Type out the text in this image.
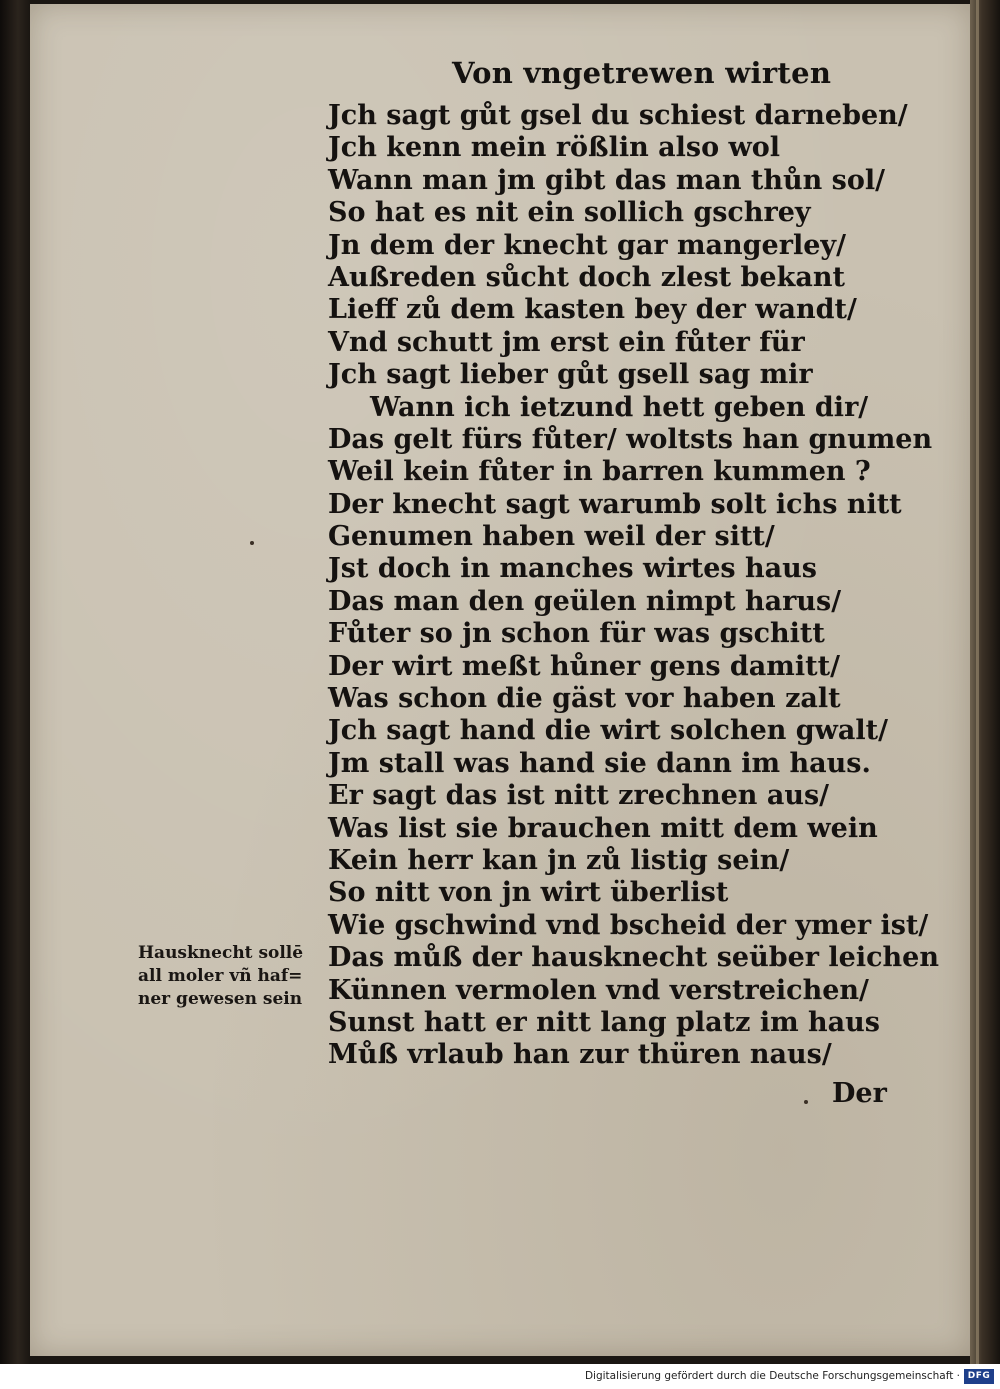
Von vngetrewen wirten
Jch sagt gůt gsel du schiest darneben/
Jch kenn mein rößlin also wol
Wann man jm gibt das man thůn sol/
So hat es nit ein sollich gschrey
Jn dem der knecht gar mangerley/
Außreden sůcht doch zlest bekant
Lieff zů dem kasten bey der wandt/
Vnd schutt jm erst ein fůter für
Jch sagt lieber gůt gsell sag mir
Wann ich ietzund hett geben dir/
Das gelt fürs fůter/ woltsts han gnumen
Weil kein fůter in barren kummen ?
Der knecht sagt warumb solt ichs nitt
Genumen haben weil der sitt/
Jst doch in manches wirtes haus
Das man den geülen nimpt harus/
Fůter so jn schon für was gschitt
Der wirt meßt hůner gens damitt/
Was schon die gäst vor haben zalt
Jch sagt hand die wirt solchen gwalt/
Jm stall was hand sie dann im haus.
Er sagt das ist nitt zrechnen aus/
Was list sie brauchen mitt dem wein
Kein herr kan jn zů listig sein/
So nitt von jn wirt überlist
Wie gschwind vnd bscheid der ymer ist/
Das můß der hausknecht seüber leichen
Künnen vermolen vnd verstreichen/
Sunst hatt er nitt lang platz im haus
Můß vrlaub han zur thüren naus/
Hausknecht sollē
all moler vñ haf=
ner gewesen sein
Der
Digitalisierung gefördert durch die Deutsche Forschungsgemeinschaft · DFG
